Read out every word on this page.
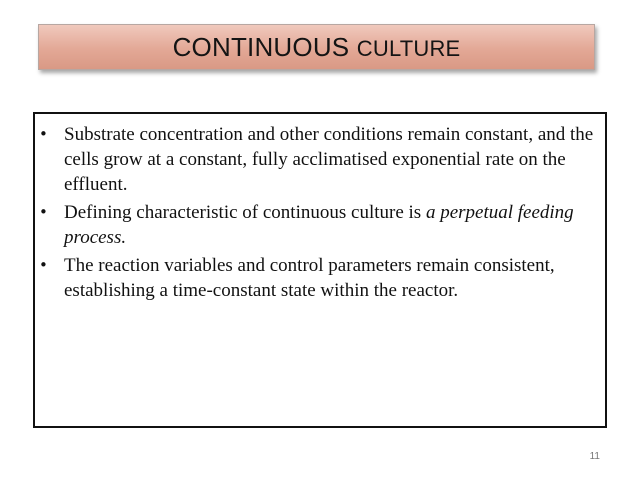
CONTINUOUS CULTURE
• Substrate concentration and other conditions remain constant, and the cells grow at a constant, fully acclimatised exponential rate on the effluent.
• Defining characteristic of continuous culture is a perpetual feeding process.
• The reaction variables and control parameters remain consistent, establishing a time-constant state within the reactor.
11
